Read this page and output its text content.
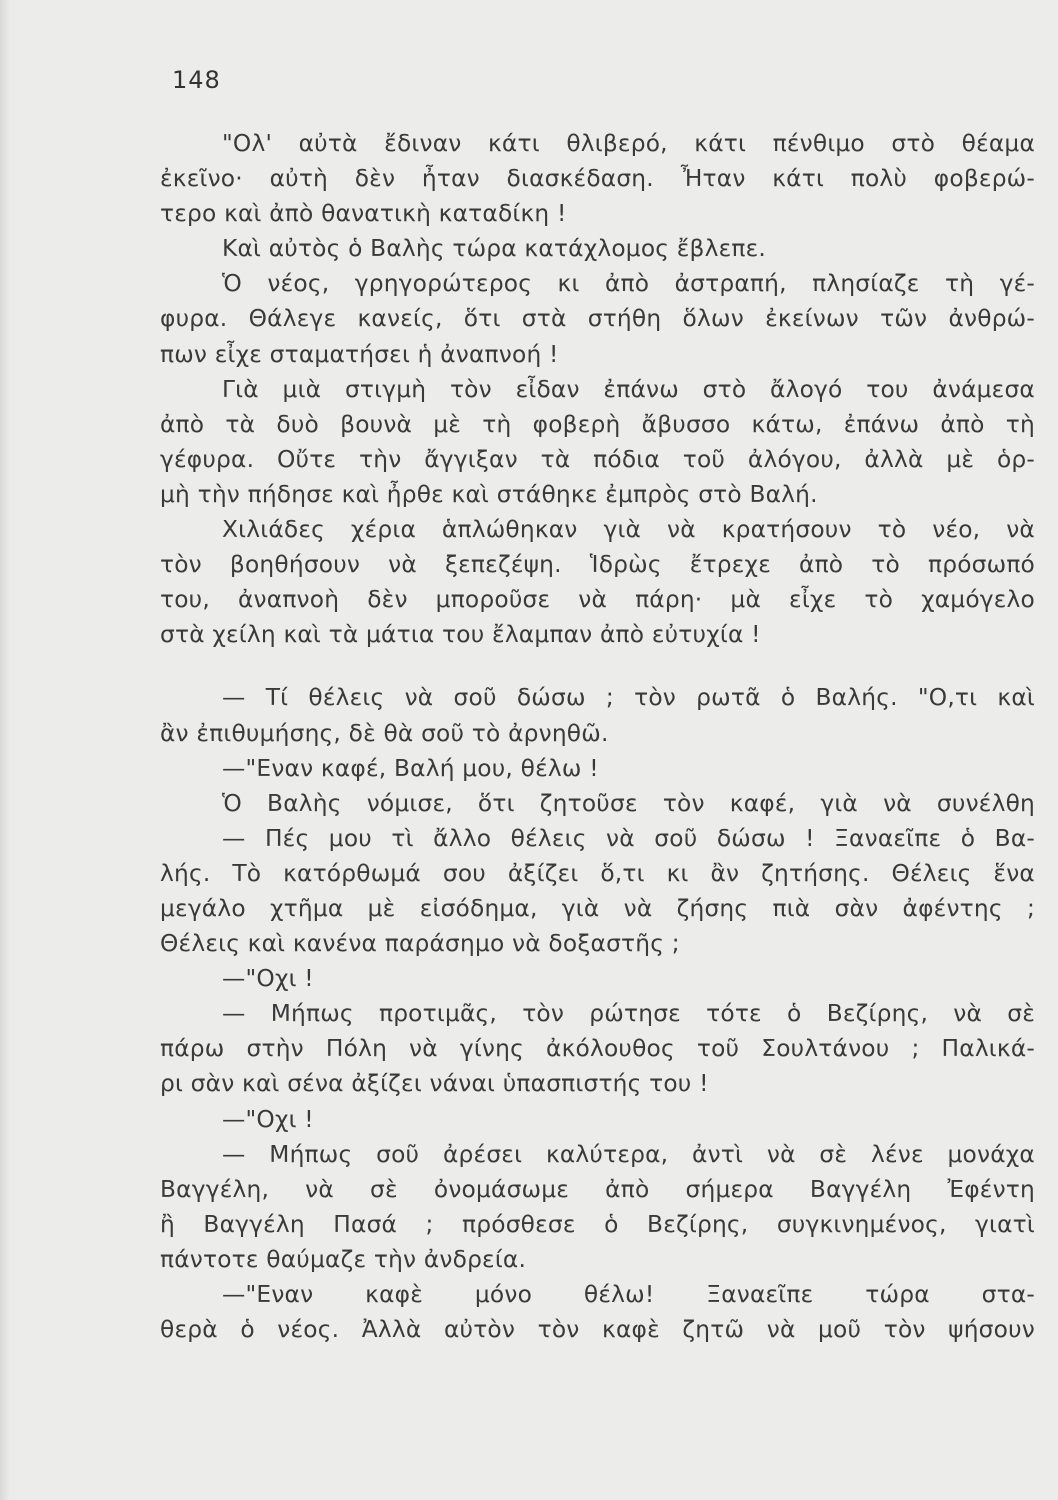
148
"Ολ' αὐτὰ ἔδιναν κάτι θλιβερό, κάτι πένθιμο στὸ θέαμα
ἐκεῖνο· αὐτὴ δὲν ἦταν διασκέδαση. Ἦταν κάτι πολὺ φοβερώ-
τερο καὶ ἀπὸ θανατικὴ καταδίκη !
Καὶ αὐτὸς ὁ Βαλὴς τώρα κατάχλομος ἔβλεπε.
Ὁ νέος, γρηγορώτερος κι ἀπὸ ἀστραπή, πλησίαζε τὴ γέ-
φυρα. Θάλεγε κανείς, ὅτι στὰ στήθη ὅλων ἐκείνων τῶν ἀνθρώ-
πων εἶχε σταματήσει ἡ ἀναπνοή !
Γιὰ μιὰ στιγμὴ τὸν εἶδαν ἐπάνω στὸ ἄλογό του ἀνάμεσα
ἀπὸ τὰ δυὸ βουνὰ μὲ τὴ φοβερὴ ἄβυσσο κάτω, ἐπάνω ἀπὸ τὴ
γέφυρα. Οὔτε τὴν ἄγγιξαν τὰ πόδια τοῦ ἀλόγου, ἀλλὰ μὲ ὁρ-
μὴ τὴν πήδησε καὶ ἦρθε καὶ στάθηκε ἐμπρὸς στὸ Βαλή.
Χιλιάδες χέρια ἁπλώθηκαν γιὰ νὰ κρατήσουν τὸ νέο, νὰ
τὸν βοηθήσουν νὰ ξεπεζέψη. Ἱδρὼς ἔτρεχε ἀπὸ τὸ πρόσωπό
του, ἀναπνοὴ δὲν μποροῦσε νὰ πάρη· μὰ εἶχε τὸ χαμόγελο
στὰ χείλη καὶ τὰ μάτια του ἔλαμπαν ἀπὸ εὐτυχία !
— Τί θέλεις νὰ σοῦ δώσω ; τὸν ρωτᾶ ὁ Βαλής. "Ο,τι καὶ
ἂν ἐπιθυμήσης, δὲ θὰ σοῦ τὸ ἀρνηθῶ.
—"Εναν καφέ, Βαλή μου, θέλω !
Ὁ Βαλὴς νόμισε, ὅτι ζητοῦσε τὸν καφέ, γιὰ νὰ συνέλθη
— Πές μου τὶ ἄλλο θέλεις νὰ σοῦ δώσω ! Ξαναεῖπε ὁ Βα-
λής. Τὸ κατόρθωμά σου ἀξίζει ὅ,τι κι ἂν ζητήσης. Θέλεις ἕνα
μεγάλο χτῆμα μὲ εἰσόδημα, γιὰ νὰ ζήσης πιὰ σὰν ἀφέντης ;
Θέλεις καὶ κανένα παράσημο νὰ δοξαστῆς ;
—"Οχι !
— Μήπως προτιμᾶς, τὸν ρώτησε τότε ὁ Βεζίρης, νὰ σὲ
πάρω στὴν Πόλη νὰ γίνης ἀκόλουθος τοῦ Σουλτάνου ; Παλικά-
ρι σὰν καὶ σένα ἀξίζει νάναι ὑπασπιστής του !
—"Οχι !
— Μήπως σοῦ ἀρέσει καλύτερα, ἀντὶ νὰ σὲ λένε μονάχα
Βαγγέλη, νὰ σὲ ὀνομάσωμε ἀπὸ σήμερα Βαγγέλη Ἐφέντη
ἢ Βαγγέλη Πασά ; πρόσθεσε ὁ Βεζίρης, συγκινημένος, γιατὶ
πάντοτε θαύμαζε τὴν ἀνδρεία.
—"Εναν καφὲ μόνο θέλω! Ξαναεῖπε τώρα στα-
θερὰ ὁ νέος. Ἀλλὰ αὐτὸν τὸν καφὲ ζητῶ νὰ μοῦ τὸν ψήσουν
